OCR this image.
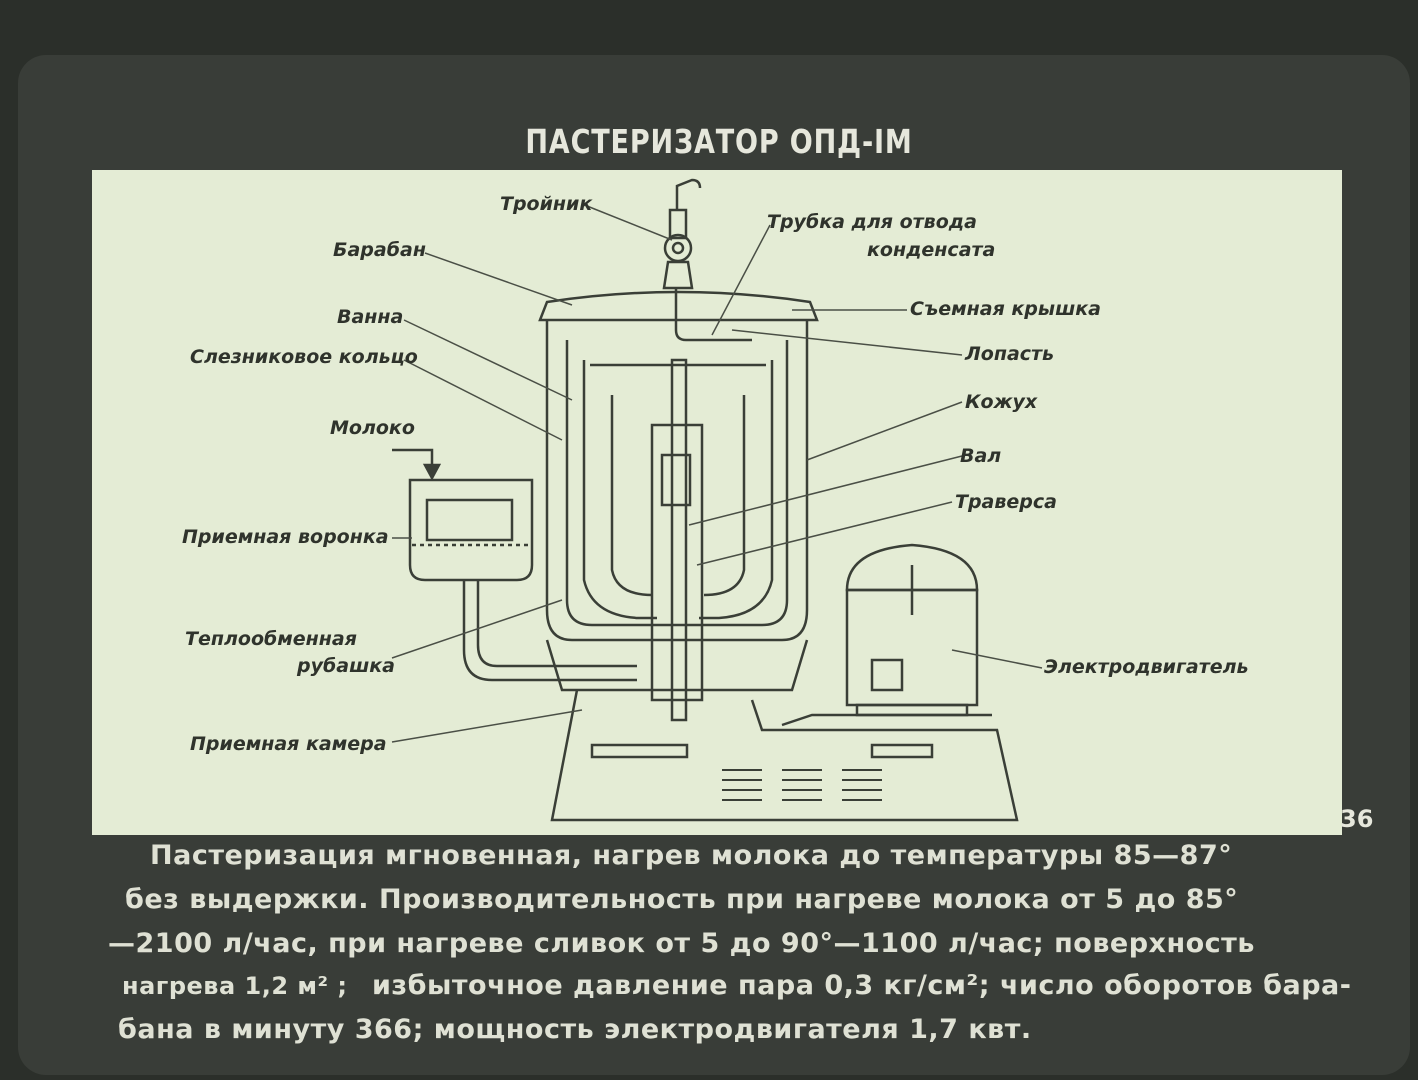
ПАСТЕРИЗАТОР ОПД-IМ
Тройник
Барабан
Ванна
Слезниковое кольцо
Молоко
Приемная воронка
Теплообменная
рубашка
Приемная камера
Трубка для отвода
конденсата
Съемная крышка
Лопасть
Кожух
Вал
Траверса
Электродвигатель
36
Пастеризация мгновенная, нагрев молока до температуры 85—87°
без выдержки. Производительность при нагреве молока от 5 до 85°
—2100 л/час, при нагреве сливок от 5 до 90°—1100 л/час; поверхность
нагрева 1,2 м² ; избыточное давление пара 0,3 кг/см²; число оборотов бара-
бана в минуту 366; мощность электродвигателя 1,7 квт.
